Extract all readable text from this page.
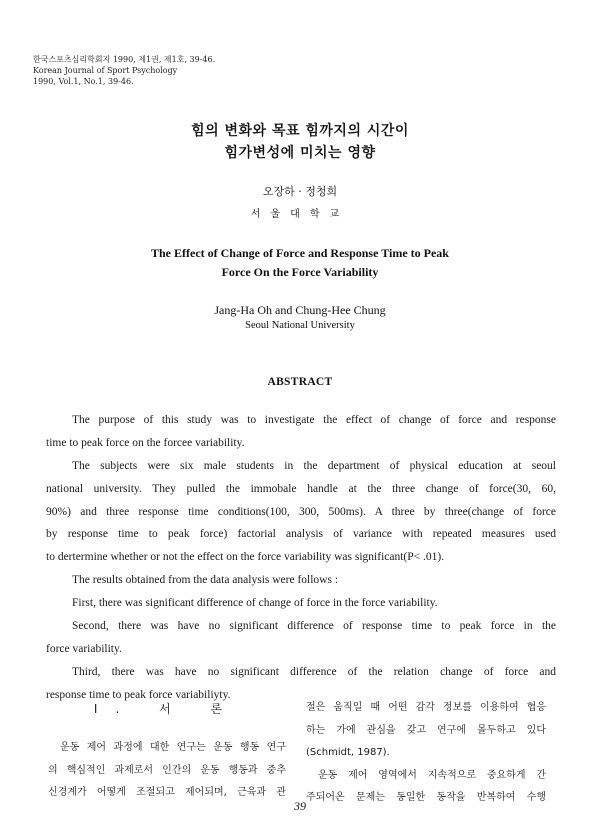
한국스포츠심리학회지 1990, 제1권, 제1호, 39-46.
Korean Journal of Sport Psychology
1990, Vol.1, No.1, 39-46.
힘의 변화와 목표 힘까지의 시간이
힘가변성에 미치는 영향
오장하 · 정청희
서울대학교
The Effect of Change of Force and Response Time to Peak
Force On the Force Variability
Jang-Ha Oh and Chung-Hee Chung
Seoul National University
ABSTRACT
The purpose of this study was to investigate the effect of change of force and response
time to peak force on the forcee variability.
The subjects were six male students in the department of physical education at seoul
national university. They pulled the immobale handle at the three change of force(30, 60,
90%) and three response time conditions(100, 300, 500ms). A three by three(change of force
by response time to peak force) factorial analysis of variance with repeated measures used
to dertermine whether or not the effect on the force variability was significant(P< .01).
The results obtained from the data analysis were follows :
First, there was significant difference of change of force in the force variability.
Second, there was have no significant difference of response time to peak force in the
force variability.
Third, there was have no significant difference of the relation change of force and
response time to peak force variabiliyty.
I. 서 론
운동 제어 과정에 대한 연구는 운동 행동 연구
의 핵심적인 과제로서 인간의 운동 행동과 중추
신경계가 어떻게 조절되고 제어되며, 근육과 관
절은 움직일 때 어떤 감각 정보를 이용하여 협응
하는 가에 관심을 갖고 연구에 몰두하고 있다
(Schmidt, 1987).
운동 제어 영역에서 지속적으로 중요하게 간
주되어온 문제는 동일한 동작을 반복하여 수행
39
